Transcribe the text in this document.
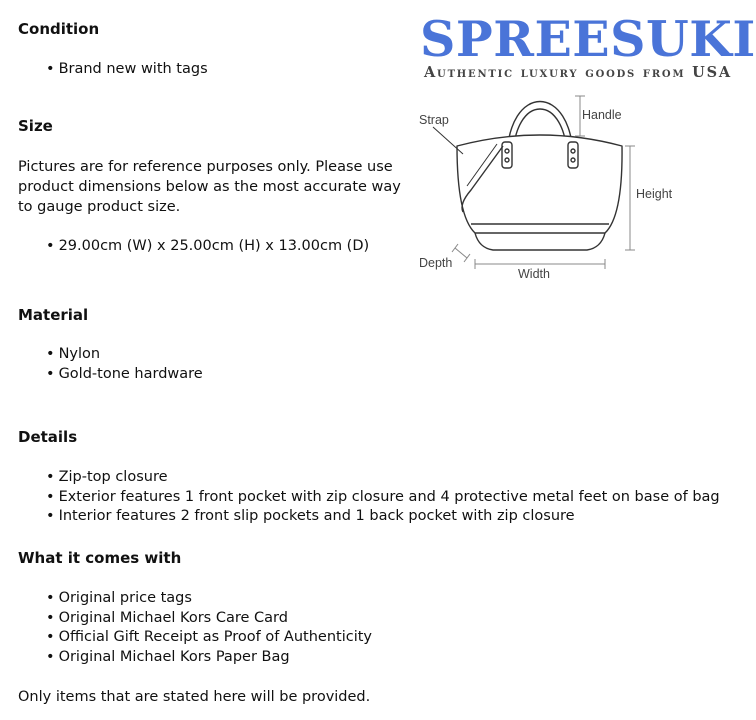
Condition
• Brand new with tags
Size

Pictures are for reference purposes only. Please use product dimensions below as the most accurate way to gauge product size.

• 29.00cm (W) x 25.00cm (H) x 13.00cm (D)
Material
• Nylon
• Gold-tone hardware
Details
• Zip-top closure
• Exterior features 1 front pocket with zip closure and 4 protective metal feet on base of bag
• Interior features 2 front slip pockets and 1 back pocket with zip closure
What it comes with
• Original price tags
• Original Michael Kors Care Card
• Official Gift Receipt as Proof of Authenticity
• Original Michael Kors Paper Bag

Only items that are stated here will be provided.

SPREESUKI
Authentic luxury goods from USA
Strap	Handle
Height
Depth
Width
